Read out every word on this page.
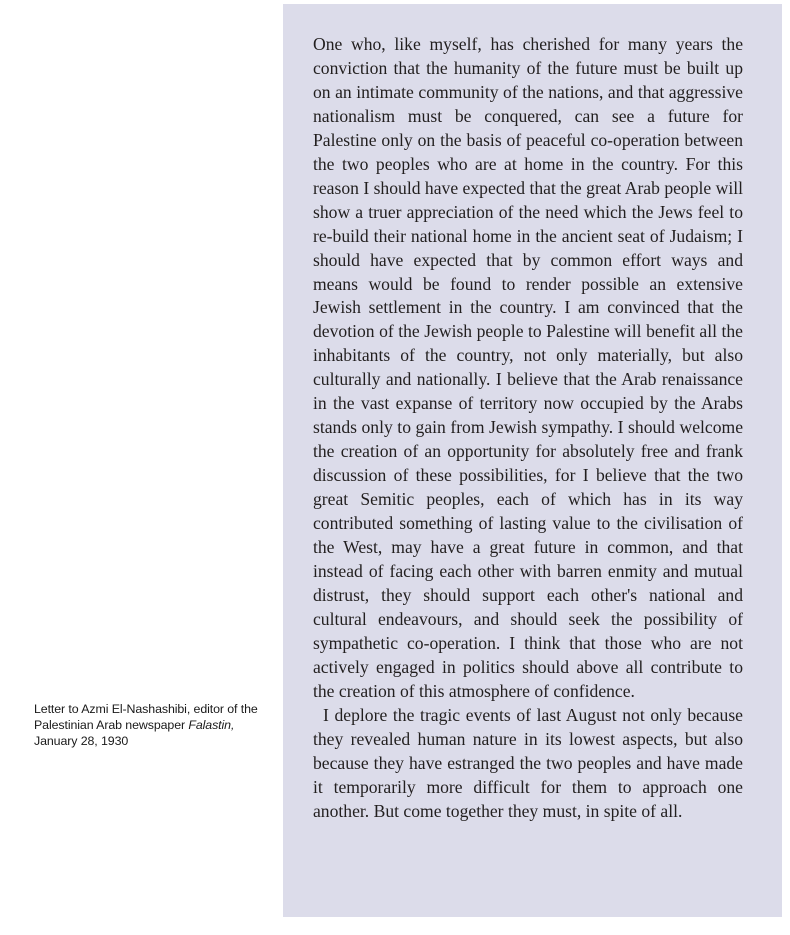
Letter to Azmi El-Nashashibi, editor of the
Palestinian Arab newspaper Falastin,
January 28, 1930

One who, like myself, has cherished for many years the conviction that the humanity of the future must be built up on an intimate community of the nations, and that aggressive nationalism must be conquered, can see a future for Palestine only on the basis of peaceful co-operation between the two peoples who are at home in the country. For this reason I should have expected that the great Arab people will show a truer appreciation of the need which the Jews feel to re-build their national home in the ancient seat of Judaism; I should have expected that by common effort ways and means would be found to render possible an extensive Jewish settlement in the country. I am convinced that the devotion of the Jewish people to Palestine will benefit all the inhabitants of the country, not only materially, but also culturally and nationally. I believe that the Arab renaissance in the vast expanse of territory now occupied by the Arabs stands only to gain from Jewish sympathy. I should welcome the creation of an opportunity for absolutely free and frank discussion of these possibilities, for I believe that the two great Semitic peoples, each of which has in its way contributed something of lasting value to the civilisation of the West, may have a great future in common, and that instead of facing each other with barren enmity and mutual distrust, they should support each other's national and cultural endeavours, and should seek the possibility of sympathetic co-operation. I think that those who are not actively engaged in politics should above all contribute to the creation of this atmosphere of confidence.

I deplore the tragic events of last August not only because they revealed human nature in its lowest aspects, but also because they have estranged the two peoples and have made it temporarily more difficult for them to approach one another. But come together they must, in spite of all.
